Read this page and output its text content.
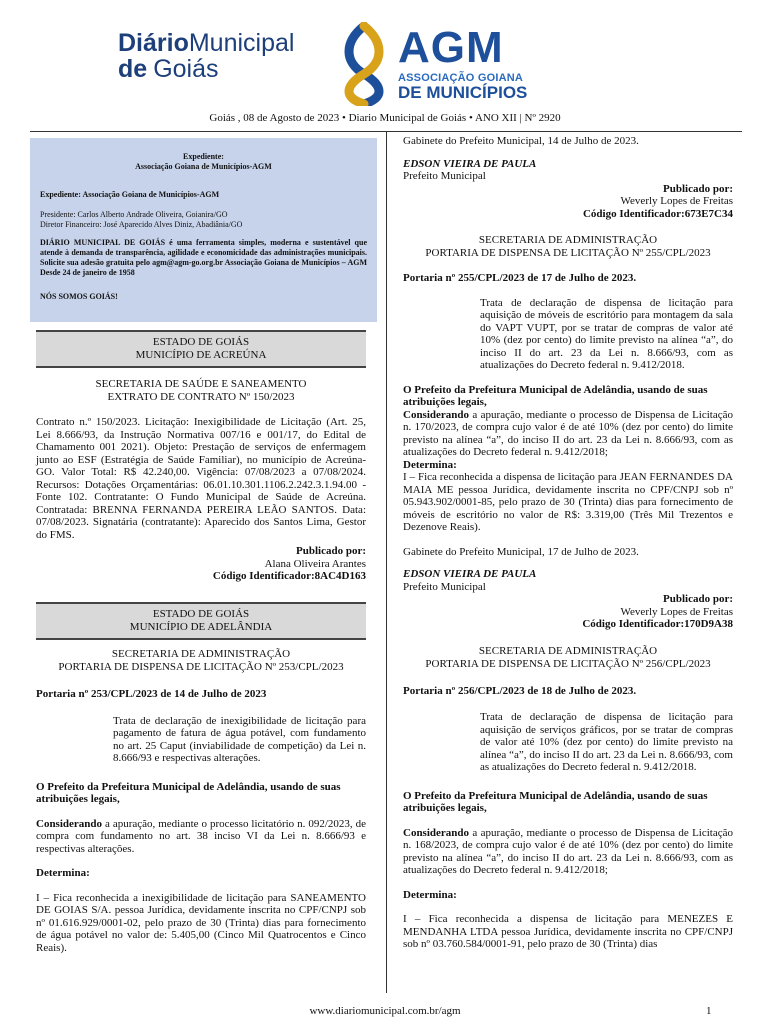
DiárioMunicipal
de Goiás	AGM
ASSOCIAÇÃO GOIANA
DE MUNICÍPIOS
Goiás , 08 de Agosto de 2023 • Diario Municipal de Goiás • ANO XII | Nº 2920
Expediente:
Associação Goiana de Municípios-AGM

Expediente: Associação Goiana de Municípios-AGM

Presidente: Carlos Alberto Andrade Oliveira, Goianira/GO

Diretor Financeiro: José Aparecido Alves Diniz, Abadiânia/GO

DIÁRIO MUNICIPAL DE GOIÁS é uma ferramenta simples, moderna e sustentável que atende à demanda de transparência, agilidade e economicidade das administrações municipais. Solicite sua adesão gratuita pelo agm@agm-go.org.br Associação Goiana de Municípios – AGM Desde 24 de janeiro de 1958

NÓS SOMOS GOIÁS!

ESTADO DE GOIÁS
MUNICÍPIO DE ACREÚNA
SECRETARIA DE SAÚDE E SANEAMENTO
EXTRATO DE CONTRATO Nº 150/2023

Contrato n.º 150/2023. Licitação: Inexigibilidade de Licitação (Art. 25, Lei 8.666/93, da Instrução Normativa 007/16 e 001/17, do Edital de Chamamento 001 2021). Objeto: Prestação de serviços de enfermagem junto ao ESF (Estratégia de Saúde Familiar), no município de Acreúna-GO. Valor Total: R$ 42.240,00. Vigência: 07/08/2023 a 07/08/2024. Recursos: Dotações Orçamentárias: 06.01.10.301.1106.2.242.3.1.94.00 - Fonte 102. Contratante: O Fundo Municipal de Saúde de Acreúna. Contratada: BRENNA FERNANDA PEREIRA LEÃO SANTOS. Data: 07/08/2023. Signatária (contratante): Aparecido dos Santos Lima, Gestor do FMS.

Publicado por:

Alana Oliveira Arantes

Código Identificador:8AC4D163

ESTADO DE GOIÁS
MUNICÍPIO DE ADELÂNDIA
SECRETARIA DE ADMINISTRAÇÃO
PORTARIA DE DISPENSA DE LICITAÇÃO Nº 253/CPL/2023

Portaria nº 253/CPL/2023 de 14 de Julho de 2023

Trata de declaração de inexigibilidade de licitação para pagamento de fatura de água potável, com fundamento no art. 25 Caput (inviabilidade de competição) da Lei n. 8.666/93 e respectivas alterações.

O Prefeito da Prefeitura Municipal de Adelândia, usando de suas atribuições legais,

Considerando a apuração, mediante o processo licitatório n. 092/2023, de compra com fundamento no art. 38 inciso VI da Lei n. 8.666/93 e respectivas alterações.

Determina:

I – Fica reconhecida a inexigibilidade de licitação para SANEAMENTO DE GOIAS S/A. pessoa Jurídica, devidamente inscrita no CPF/CNPJ sob nº 01.616.929/0001-02, pelo prazo de 30 (Trinta) dias para fornecimento de água potável no valor de: 5.405,00 (Cinco Mil Quatrocentos e Cinco Reais).

Gabinete do Prefeito Municipal, 14 de Julho de 2023.

EDSON VIEIRA DE PAULA

Prefeito Municipal

Publicado por:

Weverly Lopes de Freitas

Código Identificador:673E7C34

SECRETARIA DE ADMINISTRAÇÃO
PORTARIA DE DISPENSA DE LICITAÇÃO Nº 255/CPL/2023

Portaria nº 255/CPL/2023 de 17 de Julho de 2023.

Trata de declaração de dispensa de licitação para aquisição de móveis de escritório para montagem da sala do VAPT VUPT, por se tratar de compras de valor até 10% (dez por cento) do limite previsto na alínea “a”, do inciso II do art. 23 da Lei n. 8.666/93, com as atualizações do Decreto federal n. 9.412/2018.

O Prefeito da Prefeitura Municipal de Adelândia, usando de suas atribuições legais,

Considerando a apuração, mediante o processo de Dispensa de Licitação n. 170/2023, de compra cujo valor é de até 10% (dez por cento) do limite previsto na alínea “a”, do inciso II do art. 23 da Lei n. 8.666/93, com as atualizações do Decreto federal n. 9.412/2018;

Determina:

I – Fica reconhecida a dispensa de licitação para JEAN FERNANDES DA MAIA ME pessoa Jurídica, devidamente inscrita no CPF/CNPJ sob nº 05.943.902/0001-85, pelo prazo de 30 (Trinta) dias para fornecimento de móveis de escritório no valor de R$: 3.319,00 (Três Mil Trezentos e Dezenove Reais).

Gabinete do Prefeito Municipal, 17 de Julho de 2023.

EDSON VIEIRA DE PAULA

Prefeito Municipal

Publicado por:

Weverly Lopes de Freitas

Código Identificador:170D9A38

SECRETARIA DE ADMINISTRAÇÃO
PORTARIA DE DISPENSA DE LICITAÇÃO Nº 256/CPL/2023

Portaria nº 256/CPL/2023 de 18 de Julho de 2023.

Trata de declaração de dispensa de licitação para aquisição de serviços gráficos, por se tratar de compras de valor até 10% (dez por cento) do limite previsto na alínea “a”, do inciso II do art. 23 da Lei n. 8.666/93, com as atualizações do Decreto federal n. 9.412/2018.

O Prefeito da Prefeitura Municipal de Adelândia, usando de suas atribuições legais,

Considerando a apuração, mediante o processo de Dispensa de Licitação n. 168/2023, de compra cujo valor é de até 10% (dez por cento) do limite previsto na alínea “a”, do inciso II do art. 23 da Lei n. 8.666/93, com as atualizações do Decreto federal n. 9.412/2018;

Determina:

I – Fica reconhecida a dispensa de licitação para MENEZES E MENDANHA LTDA pessoa Jurídica, devidamente inscrita no CPF/CNPJ sob nº 03.760.584/0001-91, pelo prazo de 30 (Trinta) dias

www.diariomunicipal.com.br/agm	1
